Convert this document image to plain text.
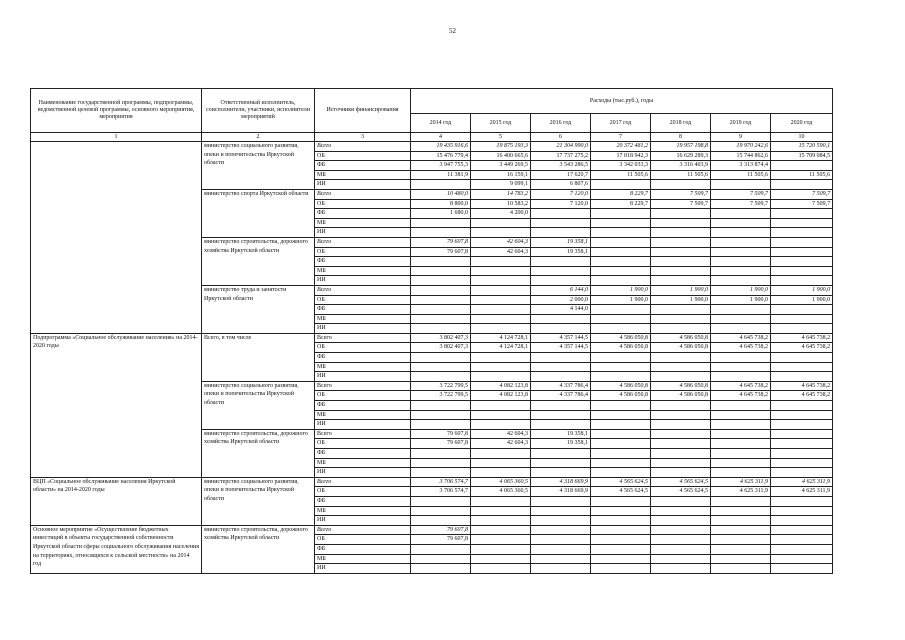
52
Наименование государственной программы, подпрограммы, ведомственной целевой программы, основного мероприятия, мероприятия	Ответственный исполнитель, соисполнители, участники, исполнители мероприятий	Источники финансирования	Расходы (тыс.руб.), годы						
			2014 год	2015 год	2016 год	2017 год	2018 год	2019 год	2020 год
1	2	3	4	5	6	7	8	9	10
	министерство социального развития, опеки и попечительства Иркутской области	Всего	19 435 916,6	19 875 193,3	21 304 990,0	20 372 481,2	19 957 198,8	19 970 242,6	15 720 590,1
		ОБ	15 476 779,4	16 400 665,6	17 737 275,2	17 018 942,3	16 629 289,3	15 744 862,6	15 709 084,5
		ФБ	3 947 755,3	3 449 269,5	3 543 286,5	3 342 033,3	3 316 403,9	3 313 874,4	
		МБ	11 381,9	16 159,1	17 620,7	11 505,6	11 505,6	11 505,6	11 505,6
		ИИ		9 099,1	6 807,6				
	министерство спорта Иркутской области	Всего	10 480,0	14 783,2	7 120,0	8 229,7	7 509,7	7 509,7	7 509,7
		ОБ	8 800,0	10 583,2	7 120,0	8 229,7	7 509,7	7 509,7	7 509,7
		ФБ	1 680,0	4 200,0					
		МБ							
		ИИ							
	министерство строительства, дорожного хозяйства Иркутской области	Всего	79 607,8	42 604,3	19 358,1				
		ОБ	79 607,8	42 604,3	19 358,1				
		ФБ							
		МБ							
		ИИ							
	министерство труда и занятости Иркутской области	Всего			6 144,0	1 900,0	1 900,0	1 900,0	1 900,0
		ОБ			2 000,0	1 900,0	1 900,0	1 900,0	1 900,0
		ФБ			4 144,0				
		МБ							
		ИИ							
Подпрограмма «Социальное обслуживание населения» на 2014-2020 годы	Всего, в том числе	Всего	3 802 407,3	4 124 728,1	4 357 144,5	4 586 050,8	4 586 050,8	4 645 738,2	4 645 738,2
		ОБ	3 802 407,3	4 124 728,1	4 357 144,5	4 586 050,8	4 586 050,8	4 645 738,2	4 645 738,2
		ФБ							
		МБ							
		ИИ							
	министерство социального развития, опеки и попечительства Иркутской области	Всего	3 722 799,5	4 082 123,8	4 337 786,4	4 586 050,8	4 586 050,8	4 645 738,2	4 645 738,2
		ОБ	3 722 799,5	4 082 123,8	4 337 786,4	4 586 050,8	4 586 050,8	4 645 738,2	4 645 738,2
		ФБ							
		МБ							
		ИИ							
	министерство строительства, дорожного хозяйства Иркутской области	Всего	79 607,8	42 604,3	19 358,1				
		ОБ	79 607,8	42 604,3	19 358,1				
		ФБ							
		МБ							
		ИИ							
ВЦП «Социальное обслуживание населения Иркутской области» на 2014-2020 годы	министерство социального развития, опеки и попечительства Иркутской области	Всего	3 706 574,7	4 065 360,5	4 318 669,9	4 565 624,5	4 565 624,5	4 625 311,9	4 625 311,9
		ОБ	3 706 574,7	4 065 360,5	4 318 669,9	4 565 624,5	4 565 624,5	4 625 311,9	4 625 311,9
		ФБ							
		МБ							
		ИИ							
Основное мероприятие «Осуществление бюджетных инвестиций в объекты государственной собственности Иркутской области сферы социального обслуживания населения на территориях, относящихся к сельской местности» на 2014 год	министерство строительства, дорожного хозяйства Иркутской области	Всего	79 607,8						
		ОБ	79 607,8						
		ФБ							
		МБ							
		ИИ							
